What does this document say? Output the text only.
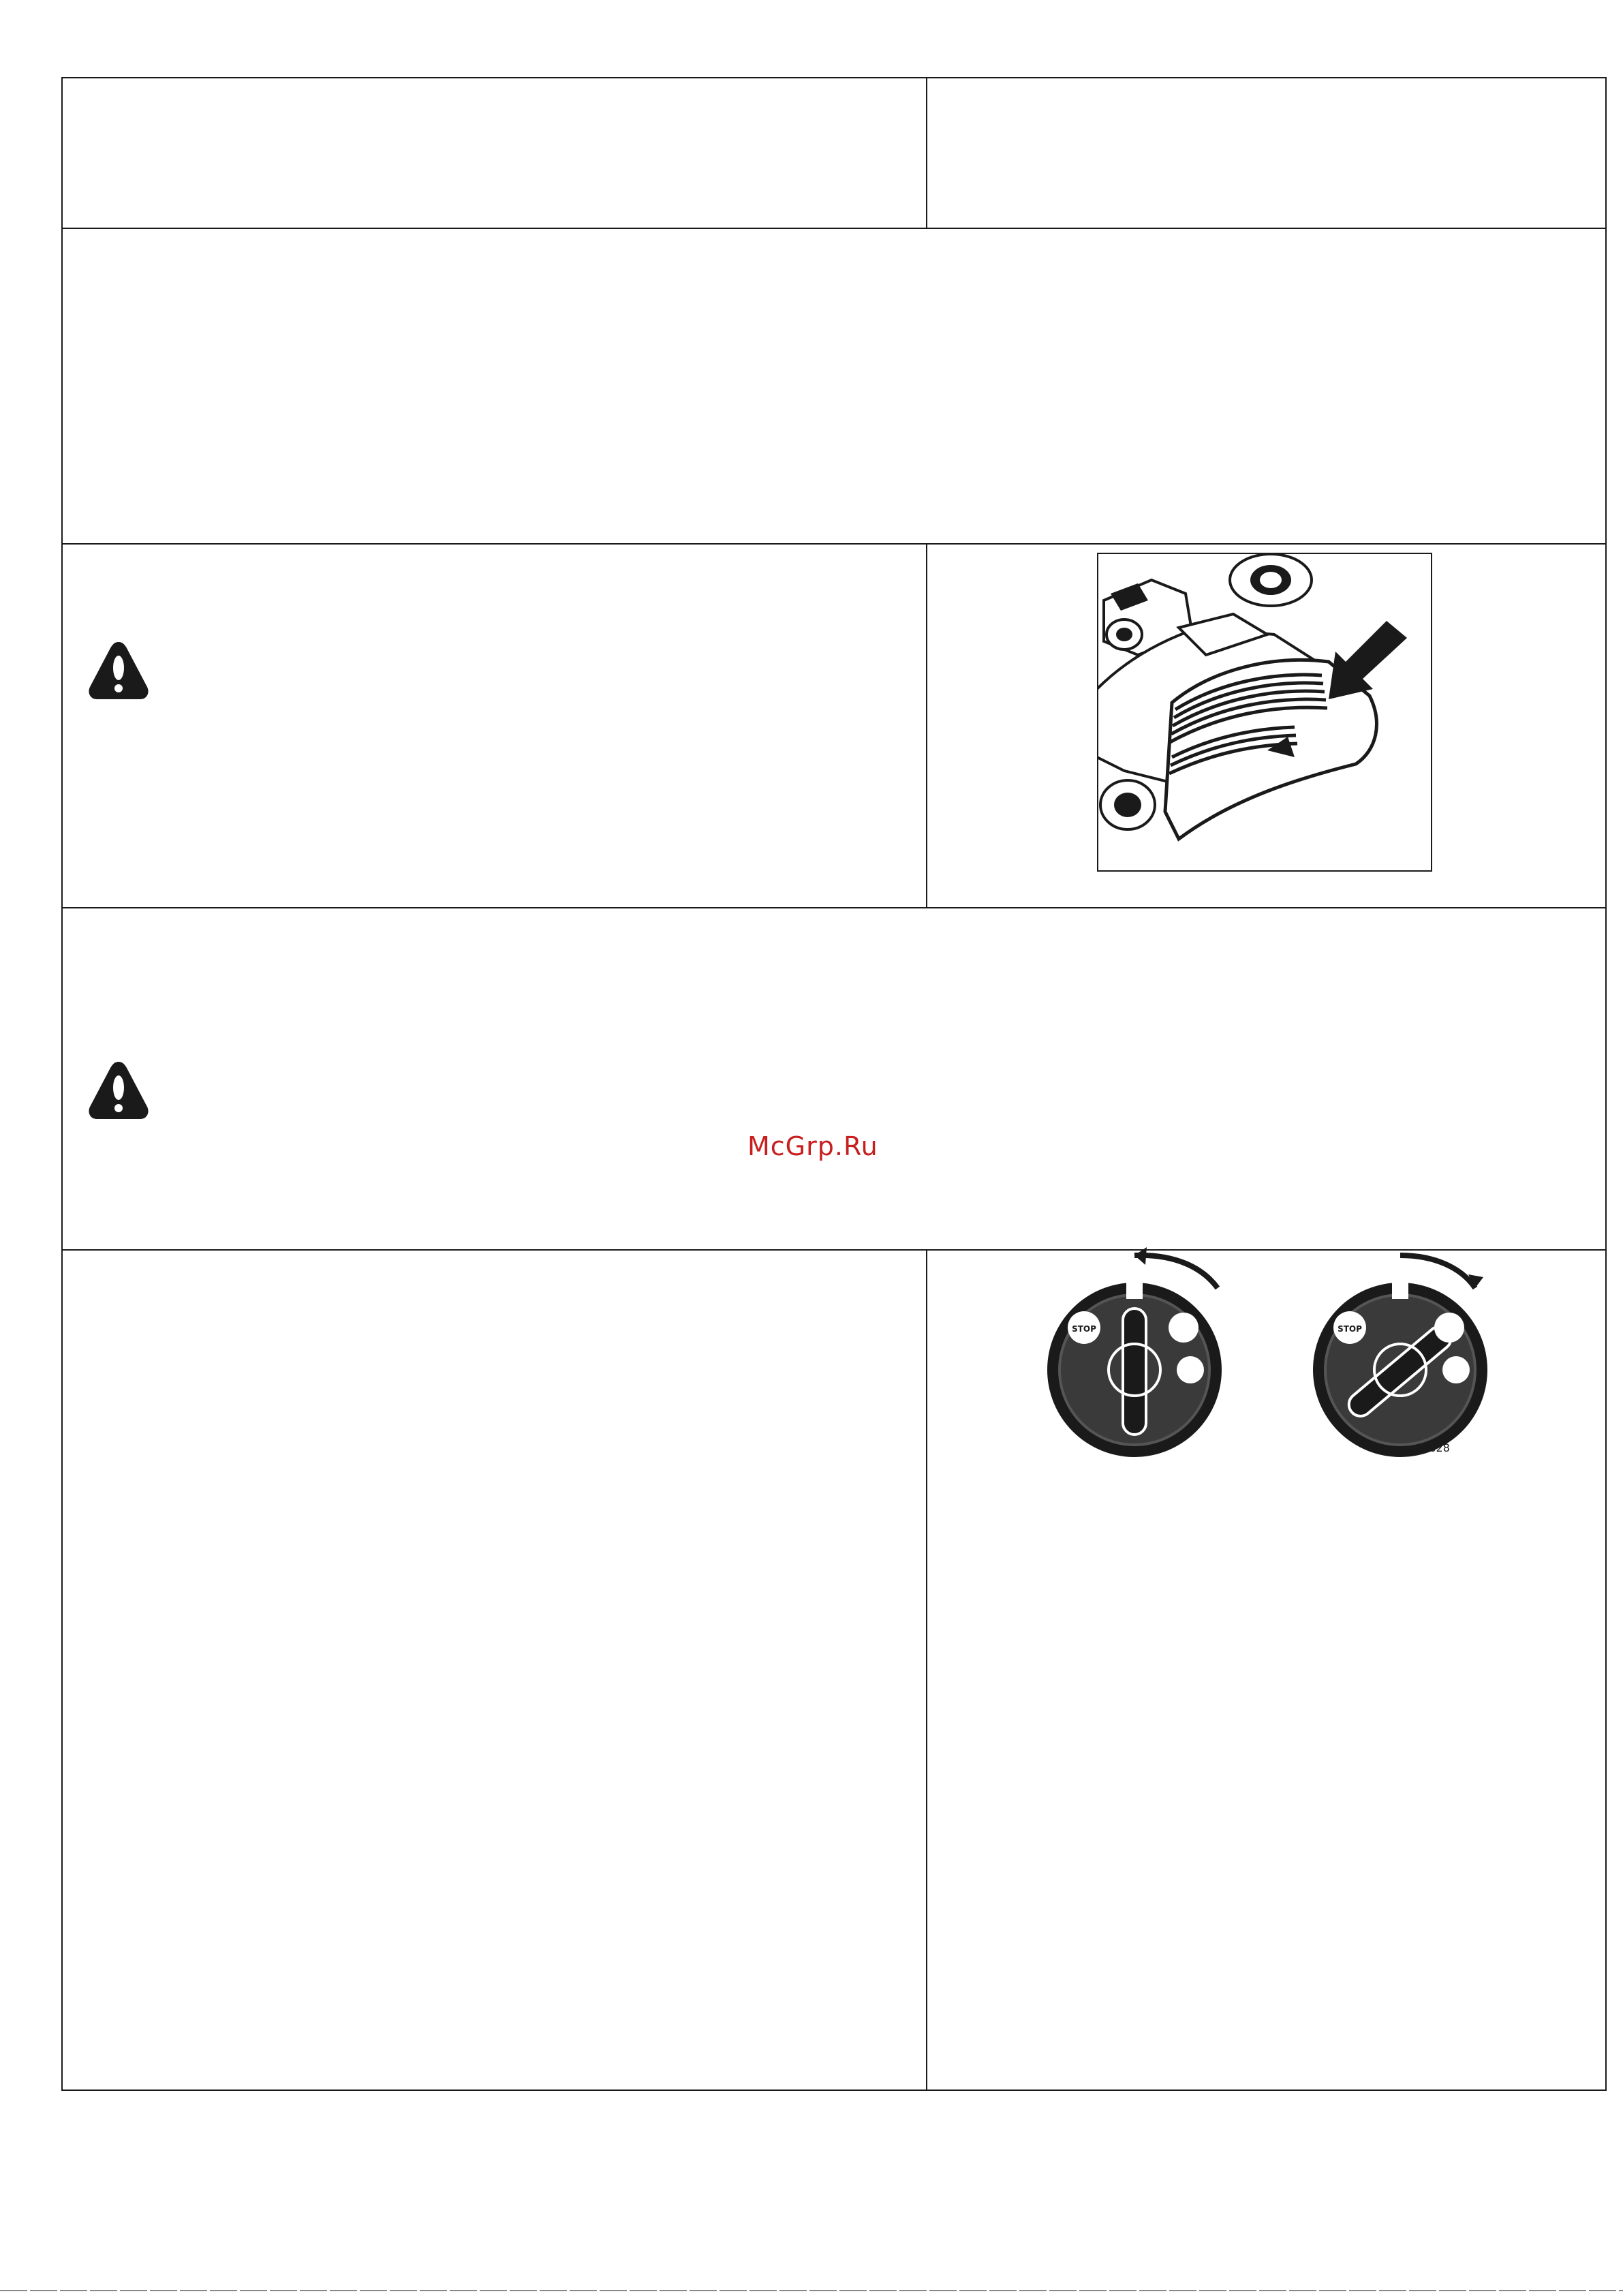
McGrp.Ru
STOP	STOP
02828
